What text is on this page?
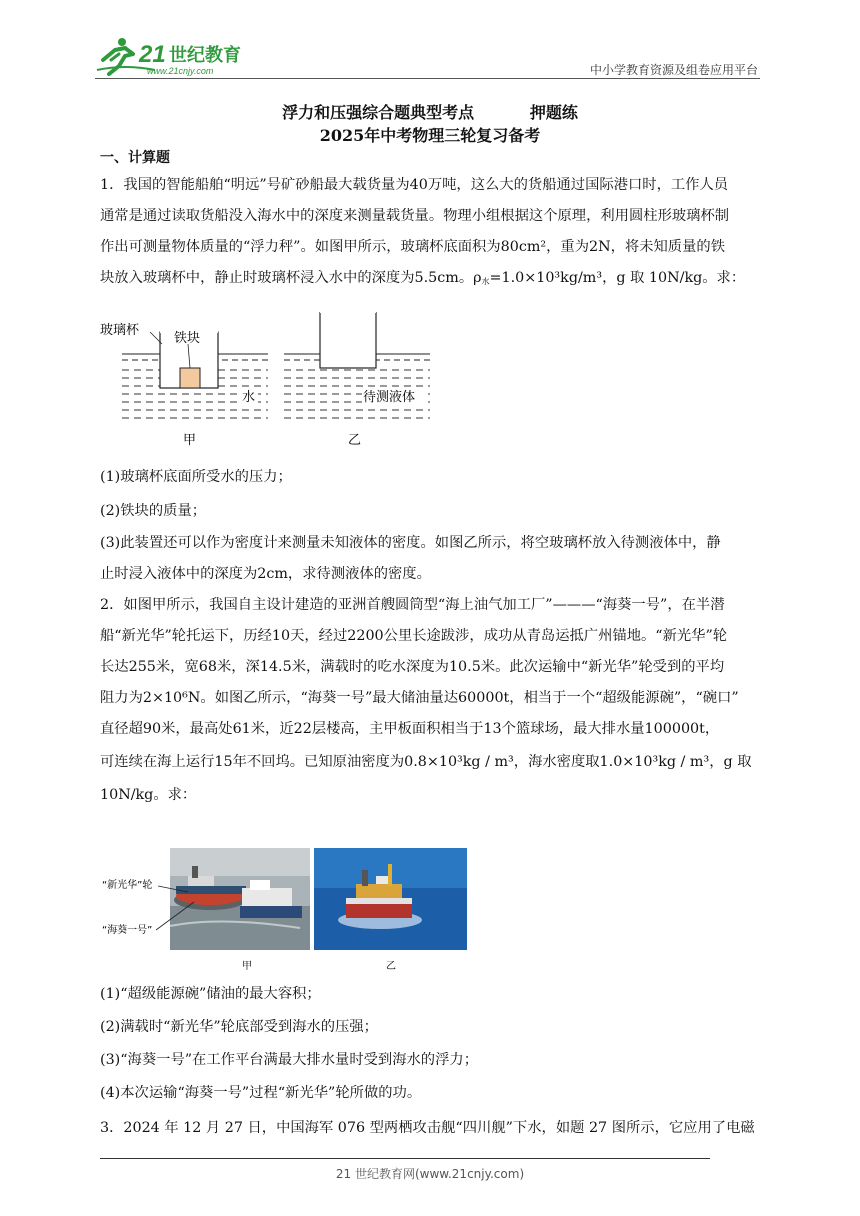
21 世纪教育
www.21cnjy.com	中小学教育资源及组卷应用平台
浮力和压强综合题典型考点          押题练
2025年中考物理三轮复习备考
一、计算题
1．我国的智能船舶“明远”号矿砂船最大载货量为40万吨，这么大的货船通过国际港口时，工作人员
通常是通过读取货船没入海水中的深度来测量载货量。物理小组根据这个原理，利用圆柱形玻璃杯制
作出可测量物体质量的“浮力秤”。如图甲所示，玻璃杯底面积为80cm²，重为2N，将未知质量的铁
块放入玻璃杯中，静止时玻璃杯浸入水中的深度为5.5cm。$\rho_水=1.0\times 10^3kg/m^3$，g 取 10N/kg。求：
玻璃杯
铁块
水
甲
待测液体
乙
(1)玻璃杯底面所受水的压力；
(2)铁块的质量；
(3)此装置还可以作为密度计来测量未知液体的密度。如图乙所示，将空玻璃杯放入待测液体中，静
止时浸入液体中的深度为2cm，求待测液体的密度。
2．如图甲所示，我国自主设计建造的亚洲首艘圆筒型“海上油气加工厂”———“海葵一号”，在半潜
船“新光华”轮托运下，历经10天，经过2200公里长途跋涉，成功从青岛运抵广州锚地。“新光华”轮
长达255米，宽68米，深14.5米，满载时的吃水深度为10.5米。此次运输中“新光华”轮受到的平均
阻力为2×10⁶N。如图乙所示，“海葵一号”最大储油量达60000t，相当于一个“超级能源碗”，“碗口”
直径超90米，最高处61米，近22层楼高，主甲板面积相当于13个篮球场，最大排水量100000t，
可连续在海上运行15年不回坞。已知原油密度为0.8×10³kg / m³，海水密度取1.0×10³kg / m³，g 取
10N/kg。求：
“新光华”轮
“海葵一号”
甲	乙
(1)“超级能源碗”储油的最大容积；
(2)满载时“新光华”轮底部受到海水的压强；
(3)“海葵一号”在工作平台满最大排水量时受到海水的浮力；
(4)本次运输“海葵一号”过程“新光华”轮所做的功。
3．2024 年 12 月 27 日，中国海军 076 型两栖攻击舰“四川舰”下水，如题 27 图所示，它应用了电磁
21 世纪教育网(www.21cnjy.com)
